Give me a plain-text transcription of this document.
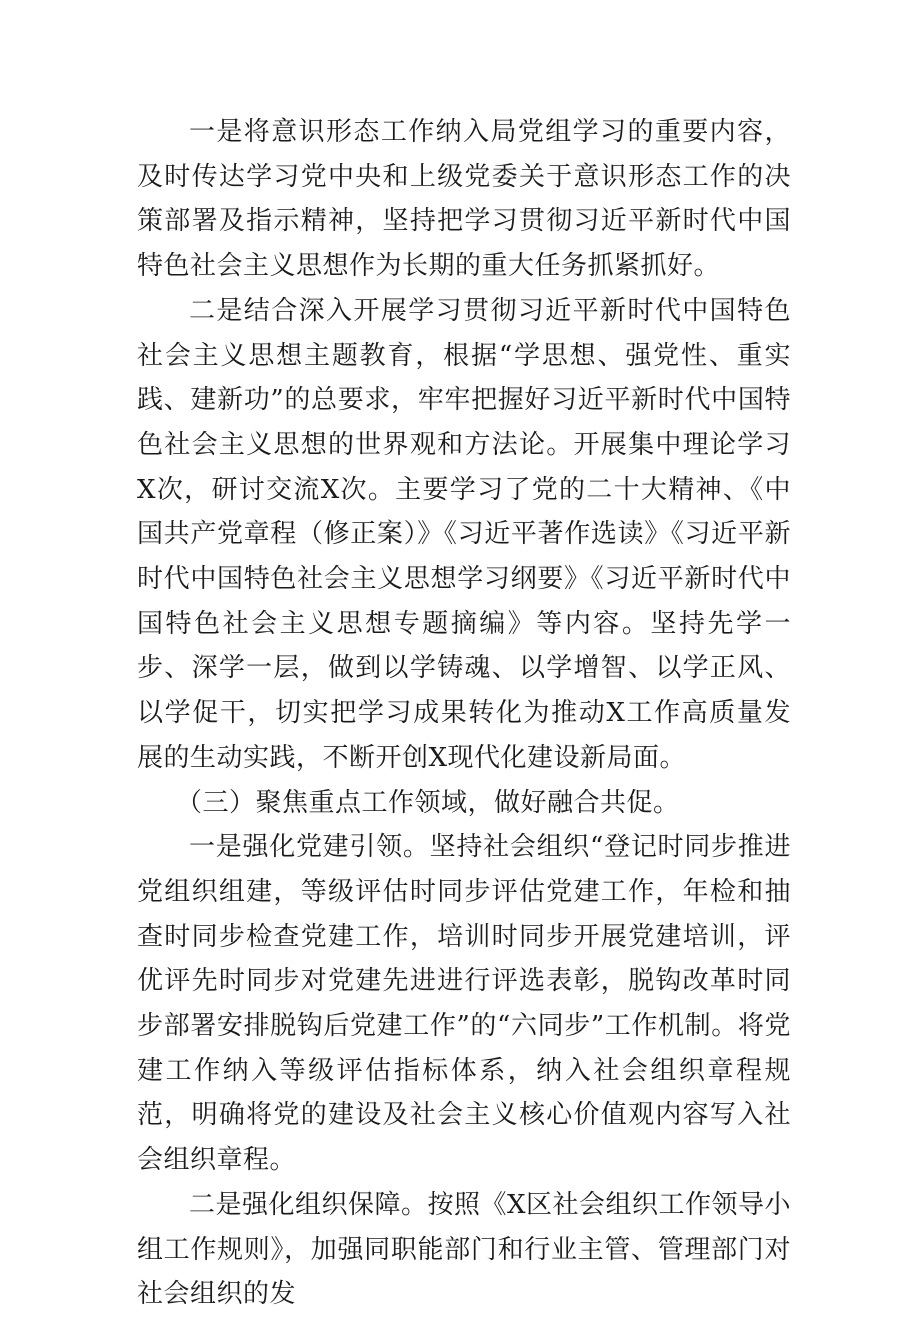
一是将意识形态工作纳入局党组学习的重要内容，及时传达学习党中央和上级党委关于意识形态工作的决策部署及指示精神，坚持把学习贯彻习近平新时代中国特色社会主义思想作为长期的重大任务抓紧抓好。

二是结合深入开展学习贯彻习近平新时代中国特色社会主义思想主题教育，根据“学思想、强党性、重实践、建新功”的总要求，牢牢把握好习近平新时代中国特色社会主义思想的世界观和方法论。开展集中理论学习X次，研讨交流X次。主要学习了党的二十大精神、《中国共产党章程（修正案）》《习近平著作选读》《习近平新时代中国特色社会主义思想学习纲要》《习近平新时代中国特色社会主义思想专题摘编》等内容。坚持先学一步、深学一层，做到以学铸魂、以学增智、以学正风、以学促干，切实把学习成果转化为推动X工作高质量发展的生动实践，不断开创X现代化建设新局面。

（三）聚焦重点工作领域，做好融合共促。

一是强化党建引领。坚持社会组织“登记时同步推进党组织组建，等级评估时同步评估党建工作，年检和抽查时同步检查党建工作，培训时同步开展党建培训，评优评先时同步对党建先进进行评选表彰，脱钩改革时同步部署安排脱钩后党建工作”的“六同步”工作机制。将党建工作纳入等级评估指标体系，纳入社会组织章程规范，明确将党的建设及社会主义核心价值观内容写入社会组织章程。

二是强化组织保障。按照《X区社会组织工作领导小组工作规则》，加强同职能部门和行业主管、管理部门对社会组织的发
